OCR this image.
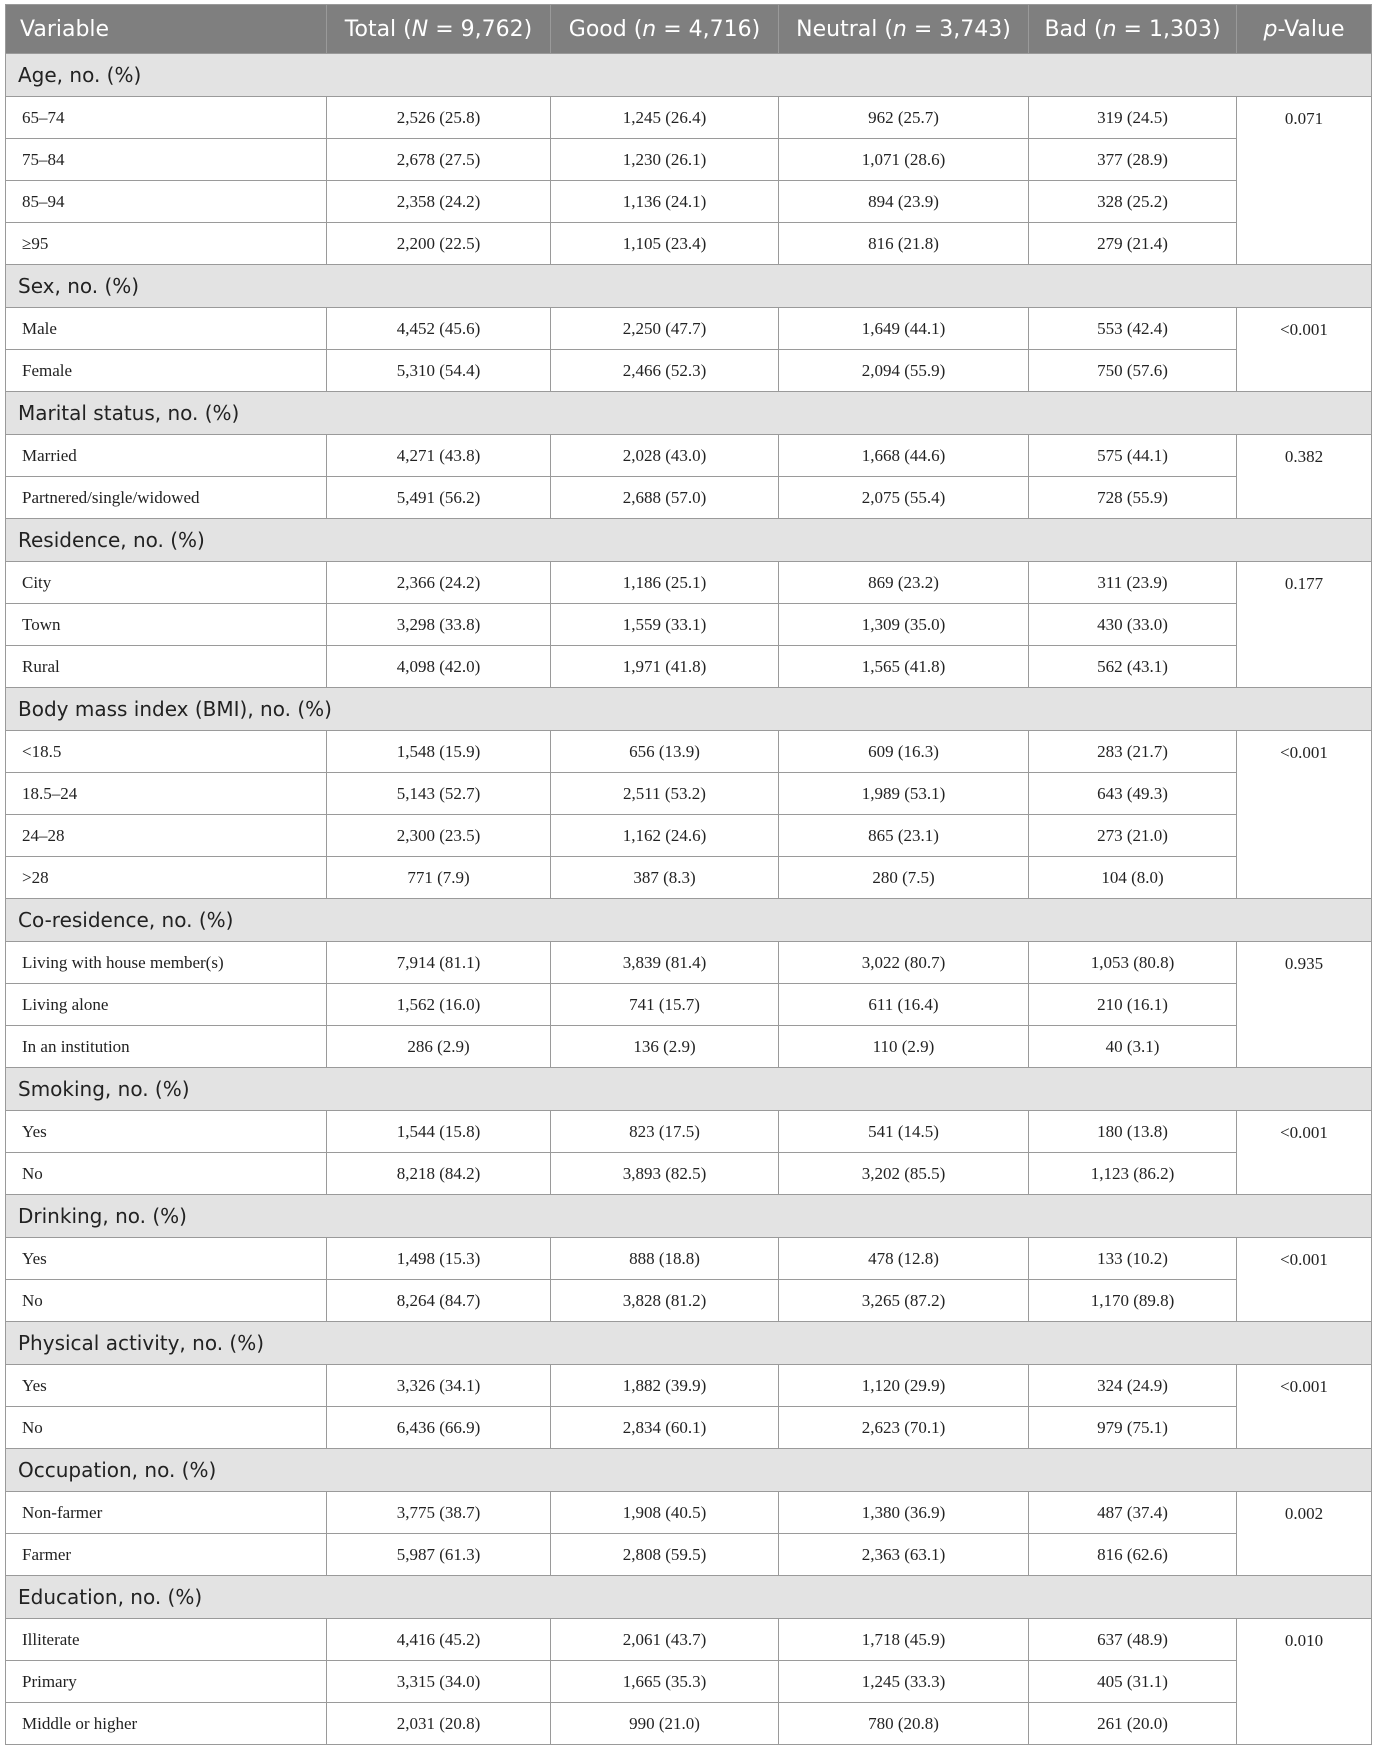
Variable	Total (N = 9,762)	Good (n = 4,716)	Neutral (n = 3,743)	Bad (n = 1,303)	p-Value
Age, no. (%)					
65–74	2,526 (25.8)	1,245 (26.4)	962 (25.7)	319 (24.5)	0.071
75–84	2,678 (27.5)	1,230 (26.1)	1,071 (28.6)	377 (28.9)	
85–94	2,358 (24.2)	1,136 (24.1)	894 (23.9)	328 (25.2)	
≥95	2,200 (22.5)	1,105 (23.4)	816 (21.8)	279 (21.4)	
Sex, no. (%)					
Male	4,452 (45.6)	2,250 (47.7)	1,649 (44.1)	553 (42.4)	<0.001
Female	5,310 (54.4)	2,466 (52.3)	2,094 (55.9)	750 (57.6)	
Marital status, no. (%)					
Married	4,271 (43.8)	2,028 (43.0)	1,668 (44.6)	575 (44.1)	0.382
Partnered/single/widowed	5,491 (56.2)	2,688 (57.0)	2,075 (55.4)	728 (55.9)	
Residence, no. (%)					
City	2,366 (24.2)	1,186 (25.1)	869 (23.2)	311 (23.9)	0.177
Town	3,298 (33.8)	1,559 (33.1)	1,309 (35.0)	430 (33.0)	
Rural	4,098 (42.0)	1,971 (41.8)	1,565 (41.8)	562 (43.1)	
Body mass index (BMI), no. (%)					
<18.5	1,548 (15.9)	656 (13.9)	609 (16.3)	283 (21.7)	<0.001
18.5–24	5,143 (52.7)	2,511 (53.2)	1,989 (53.1)	643 (49.3)	
24–28	2,300 (23.5)	1,162 (24.6)	865 (23.1)	273 (21.0)	
>28	771 (7.9)	387 (8.3)	280 (7.5)	104 (8.0)	
Co-residence, no. (%)					
Living with house member(s)	7,914 (81.1)	3,839 (81.4)	3,022 (80.7)	1,053 (80.8)	0.935
Living alone	1,562 (16.0)	741 (15.7)	611 (16.4)	210 (16.1)	
In an institution	286 (2.9)	136 (2.9)	110 (2.9)	40 (3.1)	
Smoking, no. (%)					
Yes	1,544 (15.8)	823 (17.5)	541 (14.5)	180 (13.8)	<0.001
No	8,218 (84.2)	3,893 (82.5)	3,202 (85.5)	1,123 (86.2)	
Drinking, no. (%)					
Yes	1,498 (15.3)	888 (18.8)	478 (12.8)	133 (10.2)	<0.001
No	8,264 (84.7)	3,828 (81.2)	3,265 (87.2)	1,170 (89.8)	
Physical activity, no. (%)					
Yes	3,326 (34.1)	1,882 (39.9)	1,120 (29.9)	324 (24.9)	<0.001
No	6,436 (66.9)	2,834 (60.1)	2,623 (70.1)	979 (75.1)	
Occupation, no. (%)					
Non-farmer	3,775 (38.7)	1,908 (40.5)	1,380 (36.9)	487 (37.4)	0.002
Farmer	5,987 (61.3)	2,808 (59.5)	2,363 (63.1)	816 (62.6)	
Education, no. (%)					
Illiterate	4,416 (45.2)	2,061 (43.7)	1,718 (45.9)	637 (48.9)	0.010
Primary	3,315 (34.0)	1,665 (35.3)	1,245 (33.3)	405 (31.1)	
Middle or higher	2,031 (20.8)	990 (21.0)	780 (20.8)	261 (20.0)	
